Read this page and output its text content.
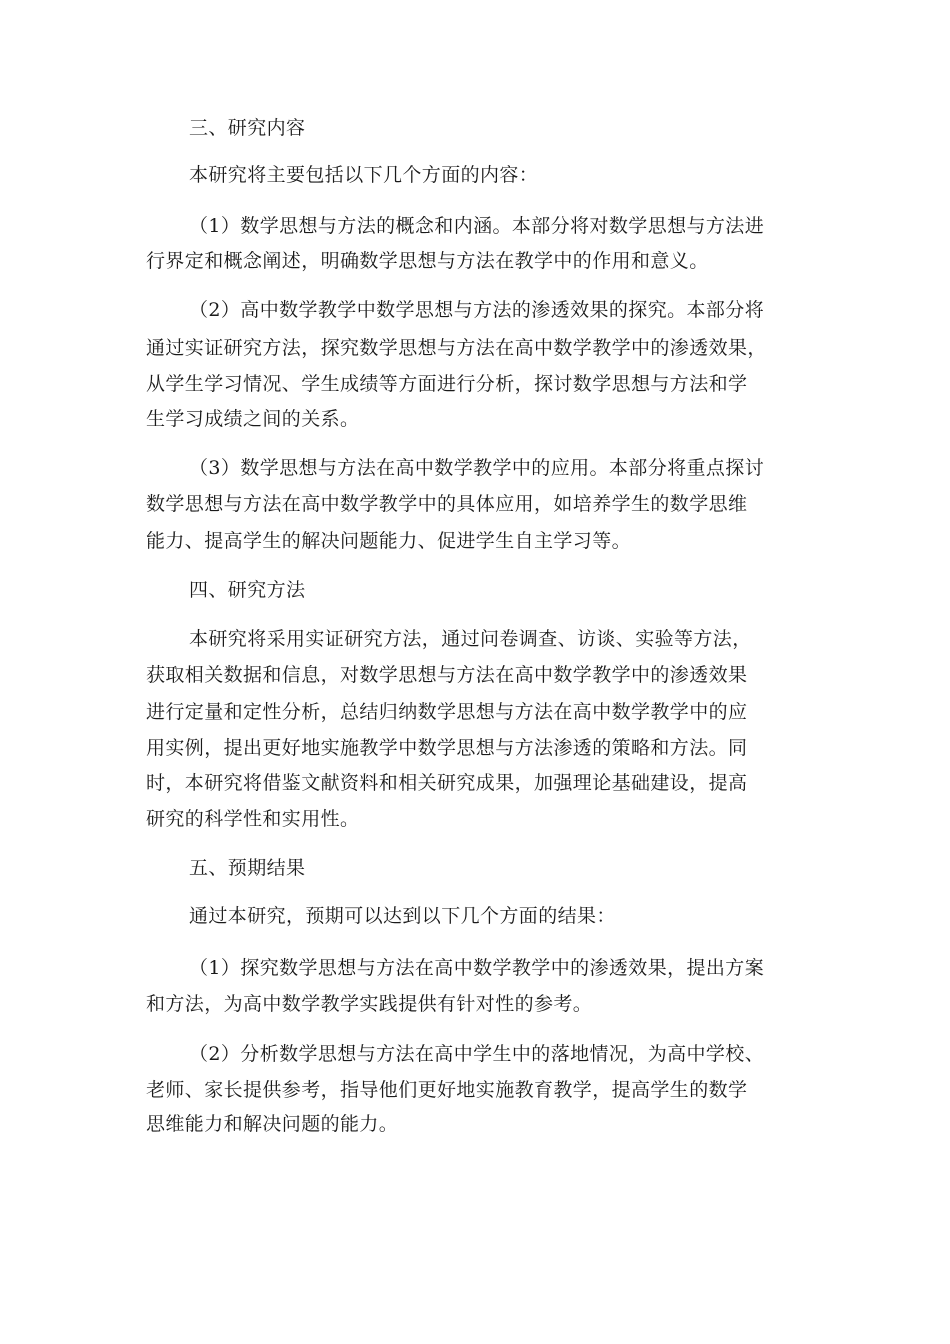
三、研究内容
本研究将主要包括以下几个方面的内容：
（1）数学思想与方法的概念和内涵。本部分将对数学思想与方法进
行界定和概念阐述，明确数学思想与方法在教学中的作用和意义。
（2）高中数学教学中数学思想与方法的渗透效果的探究。本部分将
通过实证研究方法，探究数学思想与方法在高中数学教学中的渗透效果，
从学生学习情况、学生成绩等方面进行分析，探讨数学思想与方法和学
生学习成绩之间的关系。
（3）数学思想与方法在高中数学教学中的应用。本部分将重点探讨
数学思想与方法在高中数学教学中的具体应用，如培养学生的数学思维
能力、提高学生的解决问题能力、促进学生自主学习等。
四、研究方法
本研究将采用实证研究方法，通过问卷调查、访谈、实验等方法，
获取相关数据和信息，对数学思想与方法在高中数学教学中的渗透效果
进行定量和定性分析，总结归纳数学思想与方法在高中数学教学中的应
用实例，提出更好地实施教学中数学思想与方法渗透的策略和方法。同
时，本研究将借鉴文献资料和相关研究成果，加强理论基础建设，提高
研究的科学性和实用性。
五、预期结果
通过本研究，预期可以达到以下几个方面的结果：
（1）探究数学思想与方法在高中数学教学中的渗透效果，提出方案
和方法，为高中数学教学实践提供有针对性的参考。
（2）分析数学思想与方法在高中学生中的落地情况，为高中学校、
老师、家长提供参考，指导他们更好地实施教育教学，提高学生的数学
思维能力和解决问题的能力。
